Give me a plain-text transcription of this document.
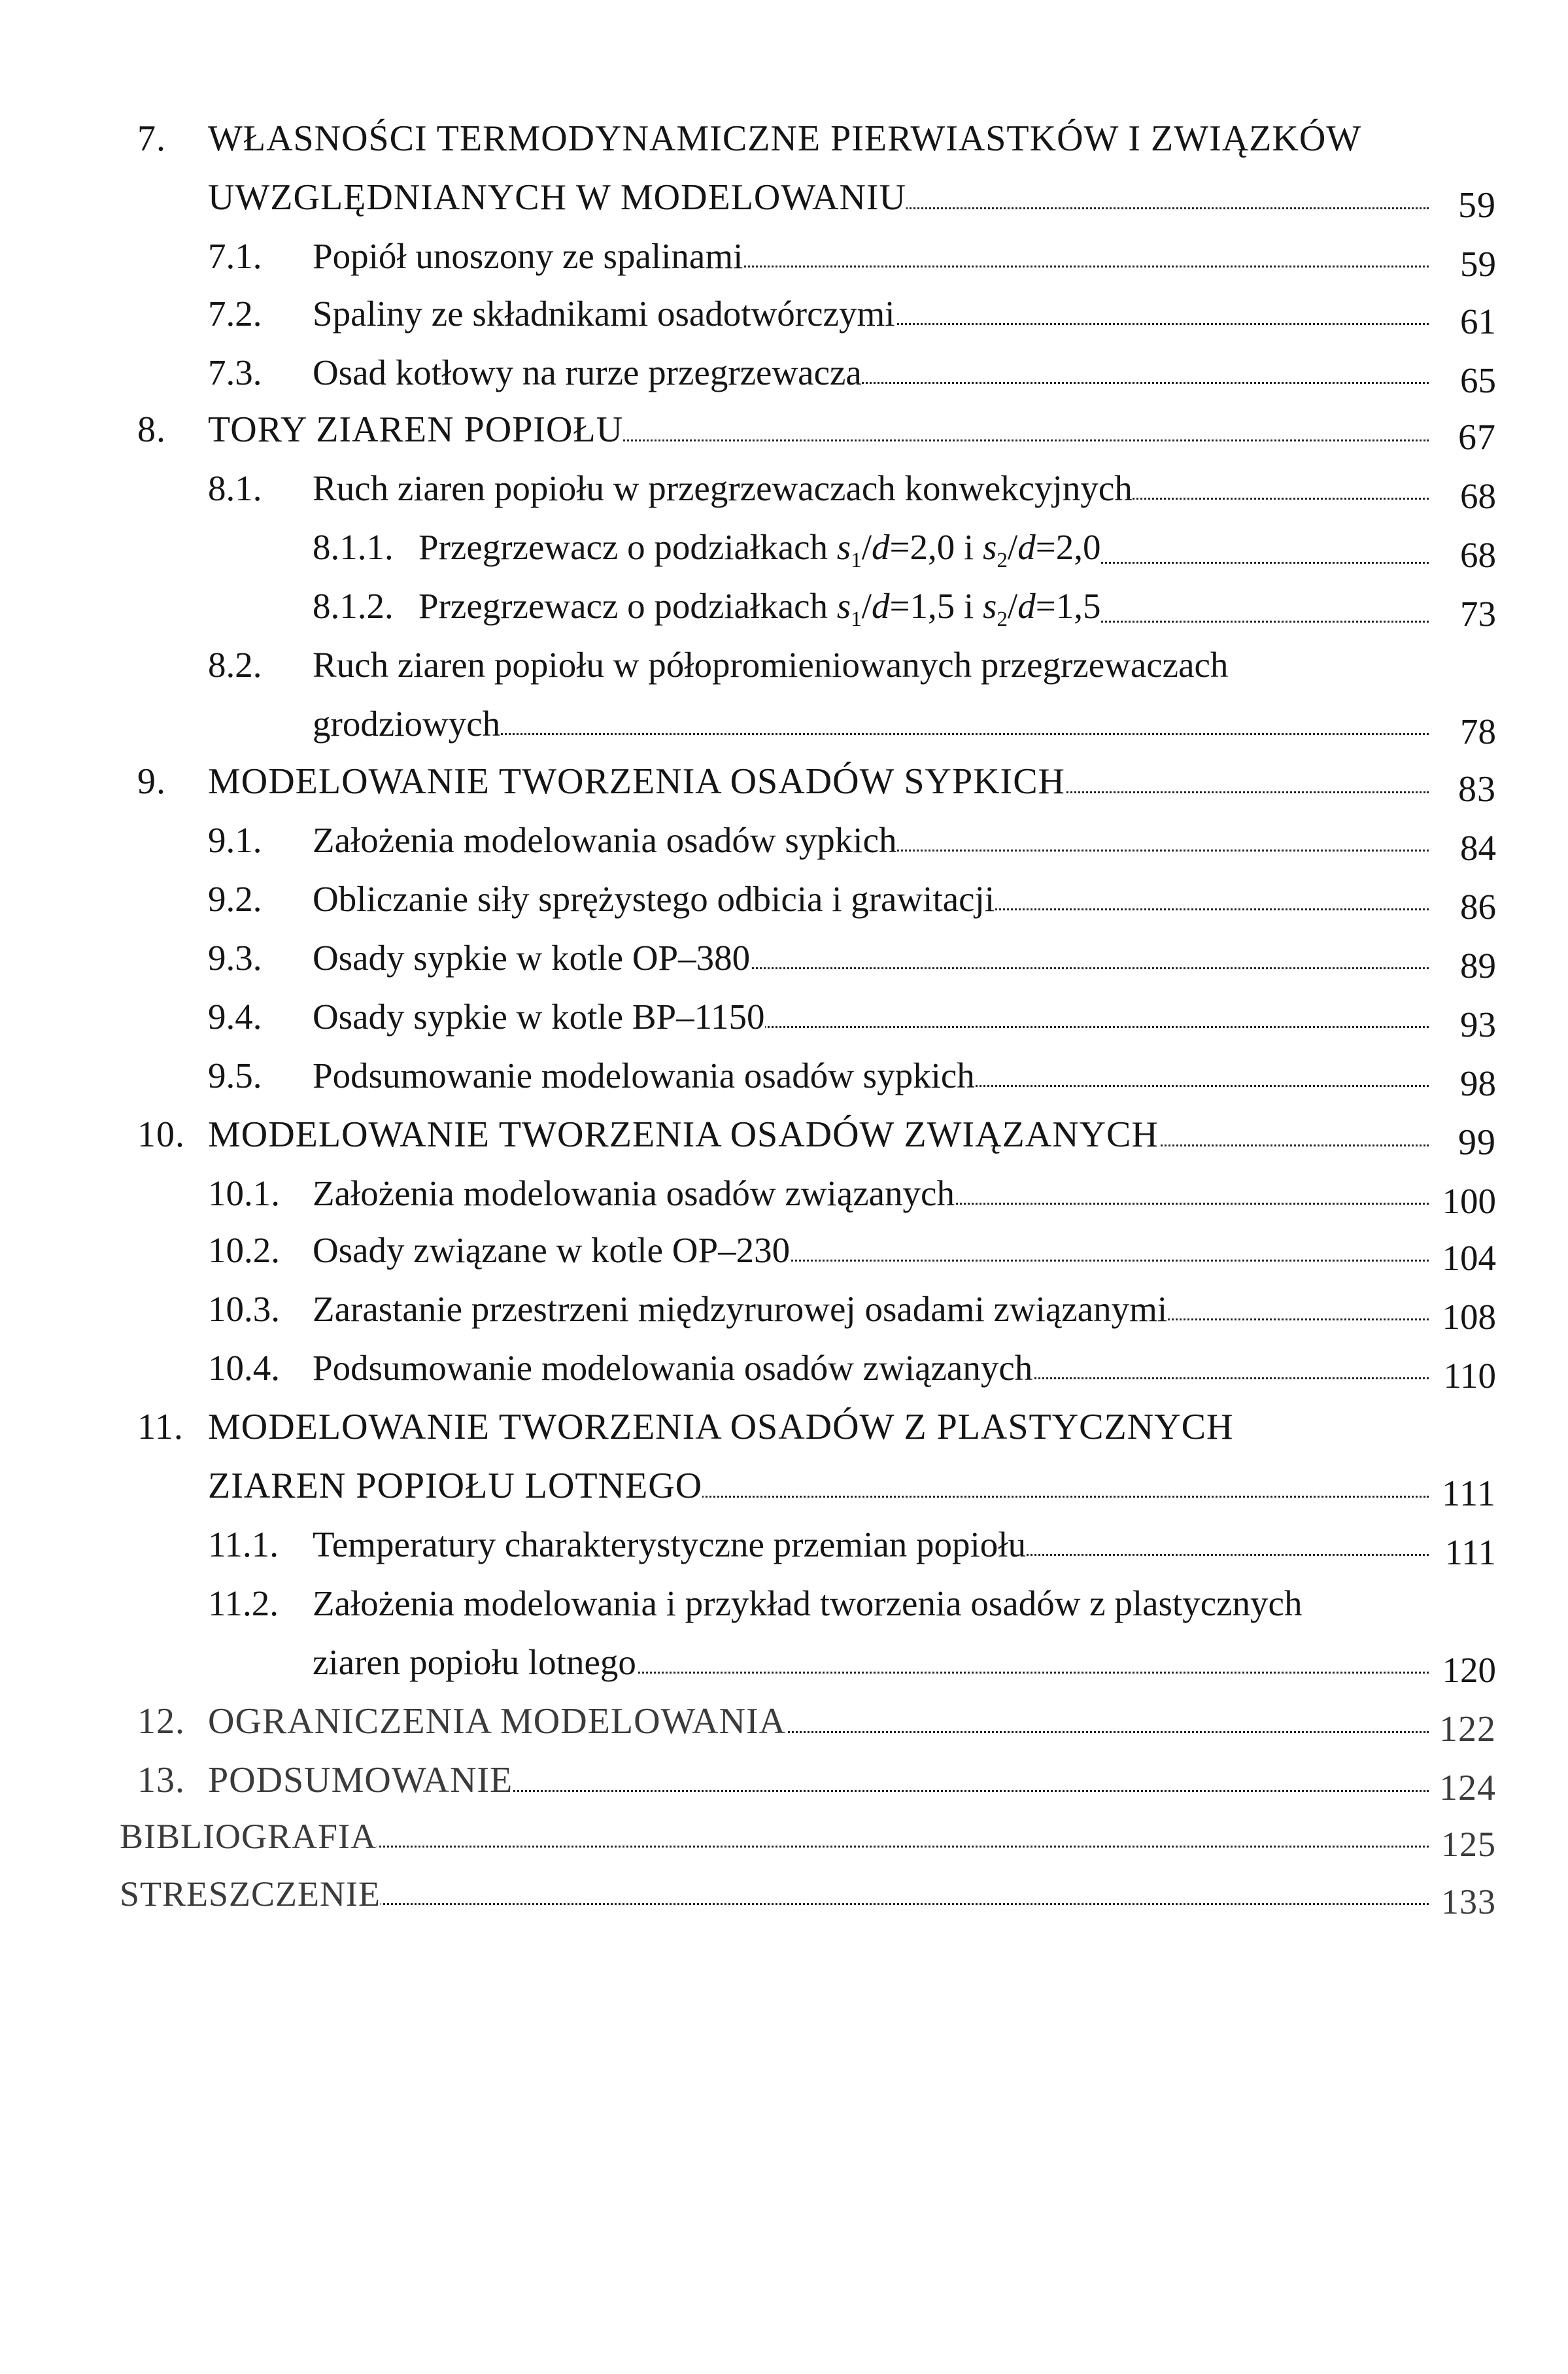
7. WŁASNOŚCI TERMODYNAMICZNE PIERWIASTKÓW I ZWIĄZKÓW
UWZGLĘDNIANYCH W MODELOWANIU	59
7.1. Popiół unoszony ze spalinami	59
7.2. Spaliny ze składnikami osadotwórczymi	61
7.3. Osad kotłowy na rurze przegrzewacza	65
8. TORY ZIAREN POPIOŁU	67
8.1. Ruch ziaren popiołu w przegrzewaczach konwekcyjnych	68
8.1.1. Przegrzewacz o podziałkach $s_1/d=2,0$ i $s_2/d=2,0$	68
8.1.2. Przegrzewacz o podziałkach $s_1/d=1,5$ i $s_2/d=1,5$	73
8.2. Ruch ziaren popiołu w półopromieniowanych przegrzewaczach
grodziowych	78
9. MODELOWANIE TWORZENIA OSADÓW SYPKICH	83
9.1. Założenia modelowania osadów sypkich	84
9.2. Obliczanie siły sprężystego odbicia i grawitacji	86
9.3. Osady sypkie w kotle OP–380	89
9.4. Osady sypkie w kotle BP–1150	93
9.5. Podsumowanie modelowania osadów sypkich	98
10. MODELOWANIE TWORZENIA OSADÓW ZWIĄZANYCH	99
10.1. Założenia modelowania osadów związanych	100
10.2. Osady związane w kotle OP–230	104
10.3. Zarastanie przestrzeni międzyrurowej osadami związanymi	108
10.4. Podsumowanie modelowania osadów związanych	110
11. MODELOWANIE TWORZENIA OSADÓW Z PLASTYCZNYCH
ZIAREN POPIOŁU LOTNEGO	111
11.1. Temperatury charakterystyczne przemian popiołu	111
11.2. Założenia modelowania i przykład tworzenia osadów z plastycznych
ziaren popiołu lotnego	120
12. OGRANICZENIA MODELOWANIA	122
13. PODSUMOWANIE	124
BIBLIOGRAFIA	125
STRESZCZENIE	133
